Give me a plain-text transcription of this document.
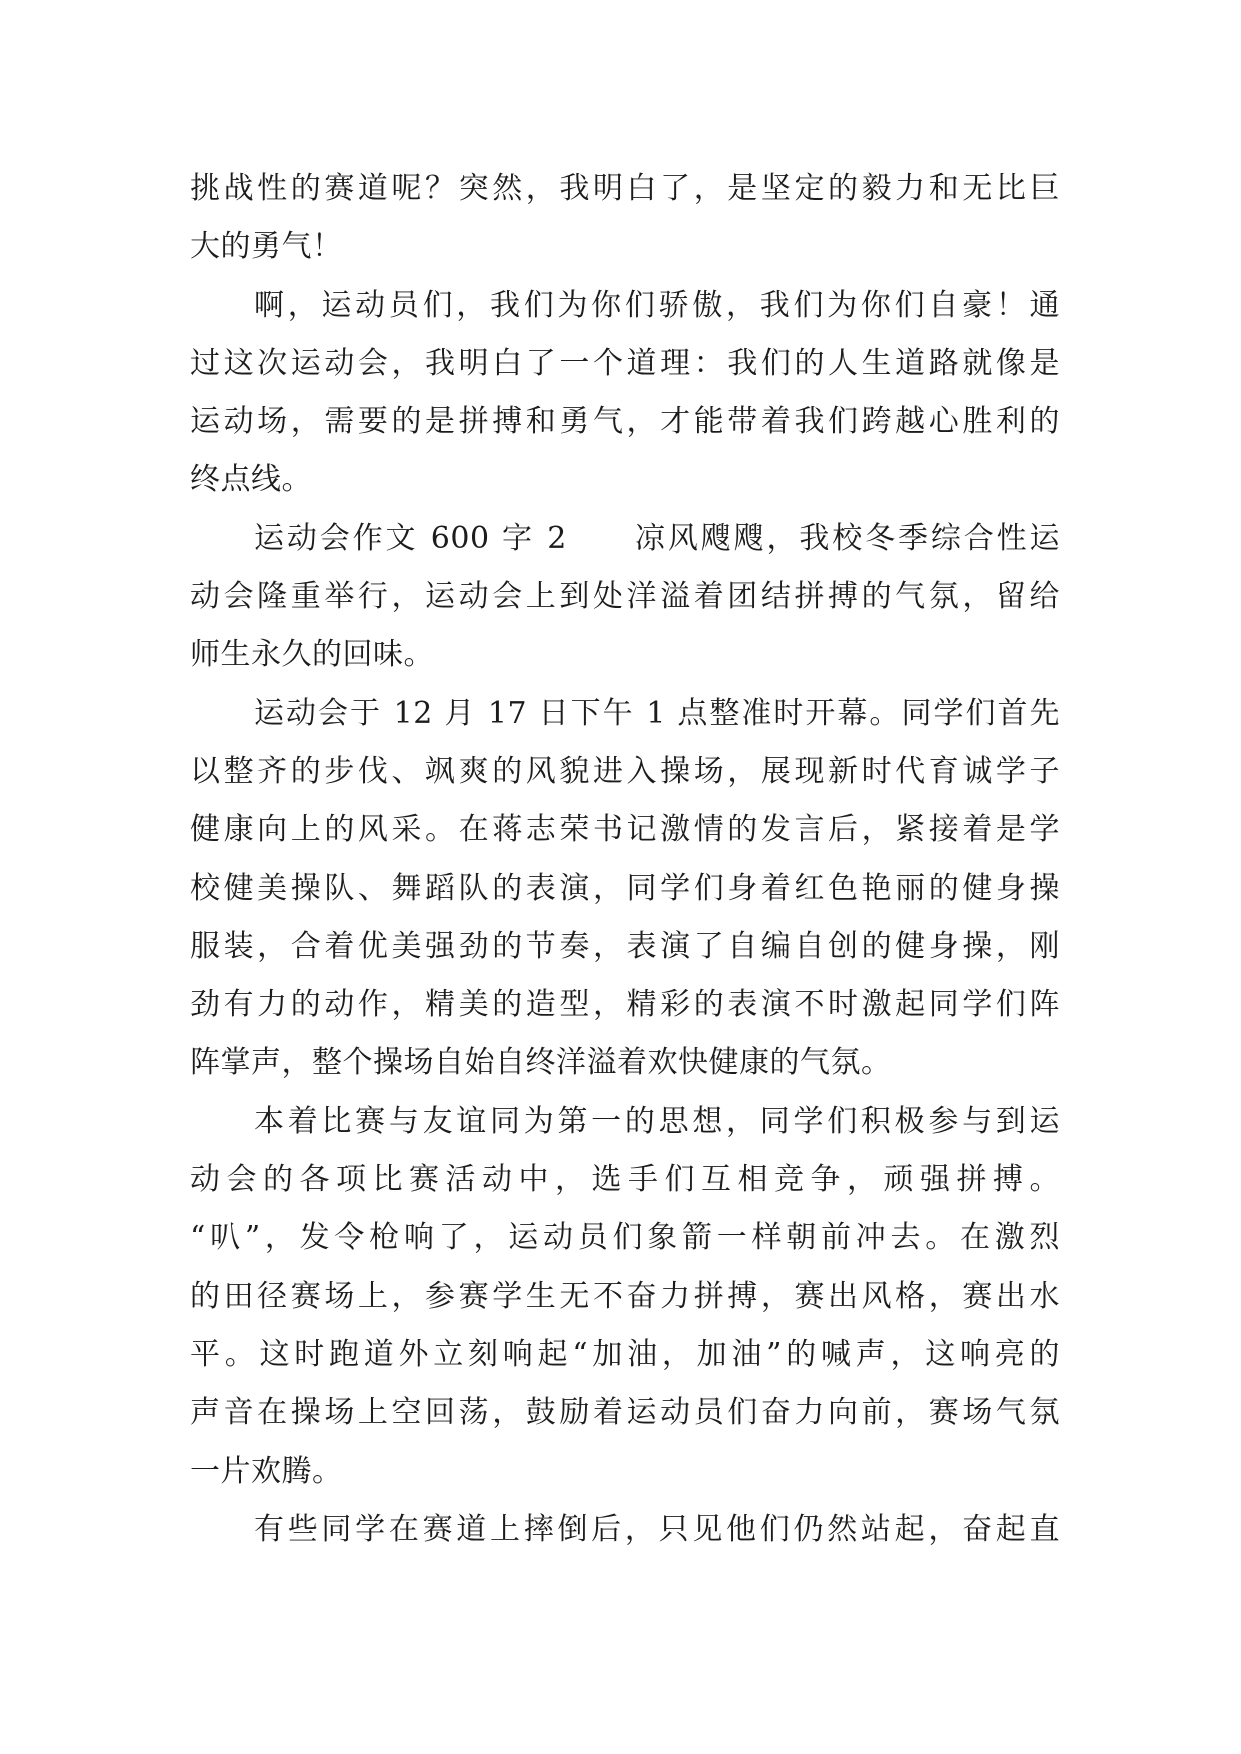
挑战性的赛道呢？突然，我明白了，是坚定的毅力和无比巨
大的勇气！
啊，运动员们，我们为你们骄傲，我们为你们自豪！通
过这次运动会，我明白了一个道理：我们的人生道路就像是
运动场，需要的是拼搏和勇气，才能带着我们跨越心胜利的
终点线。
运动会作文 600 字 2　　凉风飕飕，我校冬季综合性运
动会隆重举行，运动会上到处洋溢着团结拼搏的气氛，留给
师生永久的回味。
运动会于 12 月 17 日下午 1 点整准时开幕。同学们首先
以整齐的步伐、飒爽的风貌进入操场，展现新时代育诚学子
健康向上的风采。在蒋志荣书记激情的发言后，紧接着是学
校健美操队、舞蹈队的表演，同学们身着红色艳丽的健身操
服装，合着优美强劲的节奏，表演了自编自创的健身操，刚
劲有力的动作，精美的造型，精彩的表演不时激起同学们阵
阵掌声，整个操场自始自终洋溢着欢快健康的气氛。
本着比赛与友谊同为第一的思想，同学们积极参与到运
动会的各项比赛活动中，选手们互相竞争，顽强拼搏。
“叭”，发令枪响了，运动员们象箭一样朝前冲去。在激烈
的田径赛场上，参赛学生无不奋力拼搏，赛出风格，赛出水
平。这时跑道外立刻响起“加油，加油”的喊声，这响亮的
声音在操场上空回荡，鼓励着运动员们奋力向前，赛场气氛
一片欢腾。
有些同学在赛道上摔倒后，只见他们仍然站起，奋起直
